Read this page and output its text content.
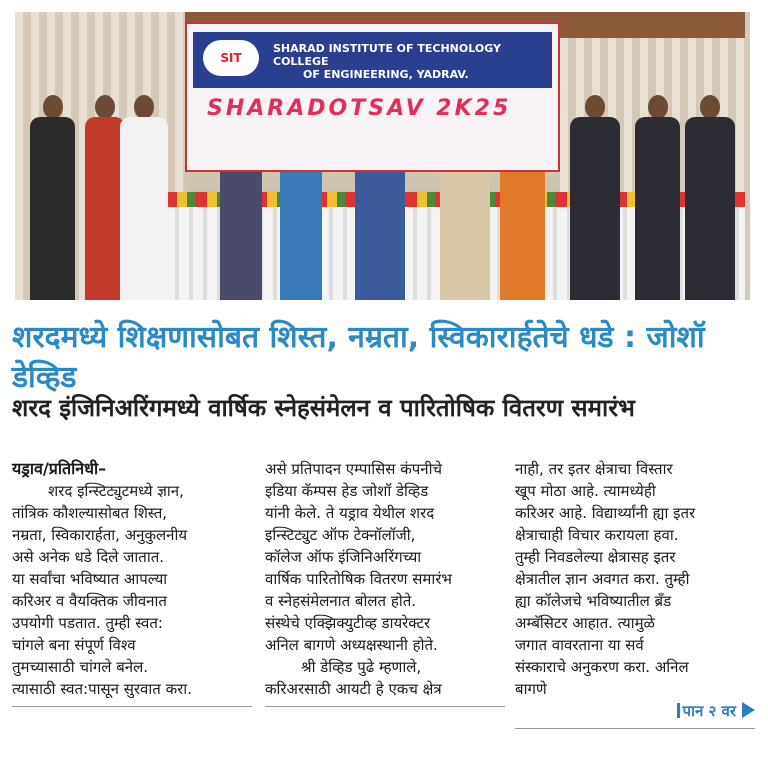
SIT
SHARAD INSTITUTE OF TECHNOLOGY COLLEGE
OF ENGINEERING, YADRAV.
SHARADOTSAV 2K25
शरदमध्ये शिक्षणासोबत शिस्त, नम्रता, स्विकारार्हतेचे धडे : जोशॉ डेव्हिड
शरद इंजिनिअरिंगमध्ये वार्षिक स्नेहसंमेलन व पारितोषिक वितरण समारंभ
यड्राव/प्रतिनिधी–
शरद इन्स्टिट्युटमध्ये ज्ञान,
तांत्रिक कौशल्यासोबत शिस्त,
नम्रता, स्विकारार्हता, अनुकुलनीय
असे अनेक धडे दिले जातात.
या सर्वांचा भविष्यात आपल्या
करिअर व वैयक्तिक जीवनात
उपयोगी पडतात. तुम्ही स्वत:
चांगले बना संपूर्ण विश्व
तुमच्यासाठी चांगले बनेल.
त्यासाठी स्वत:पासून सुरवात करा.
असे प्रतिपादन एम्पासिस कंपनीचे
इडिया कॅम्पस हेड जोशॉ डेव्हिड
यांनी केले. ते यड्राव येथील शरद
इन्स्टिट्युट ऑफ टेक्नॉलॉजी,
कॉलेज ऑफ इंजिनिअरिंगच्या
वार्षिक पारितोषिक वितरण समारंभ
व स्नेहसंमेलनात बोलत होते.
संस्थेचे एक्झिक्युटीव्ह डायरेक्टर
अनिल बागणे अध्यक्षस्थानी होते.
श्री डेव्हिड पुढे म्हणाले,
करिअरसाठी आयटी हे एकच क्षेत्र
नाही, तर इतर क्षेत्राचा विस्तार
खूप मोठा आहे. त्यामध्येही
करिअर आहे. विद्यार्थ्यांनी ह्या इतर
क्षेत्राचाही विचार करायला हवा.
तुम्ही निवडलेल्या क्षेत्रासह इतर
क्षेत्रातील ज्ञान अवगत करा. तुम्ही
ह्या कॉलेजचे भविष्यातील ब्रँड
अम्बॅसिटर आहात. त्यामुळे
जगात वावरताना या सर्व
संस्काराचे अनुकरण करा. अनिल
बागणे
पान २ वर
